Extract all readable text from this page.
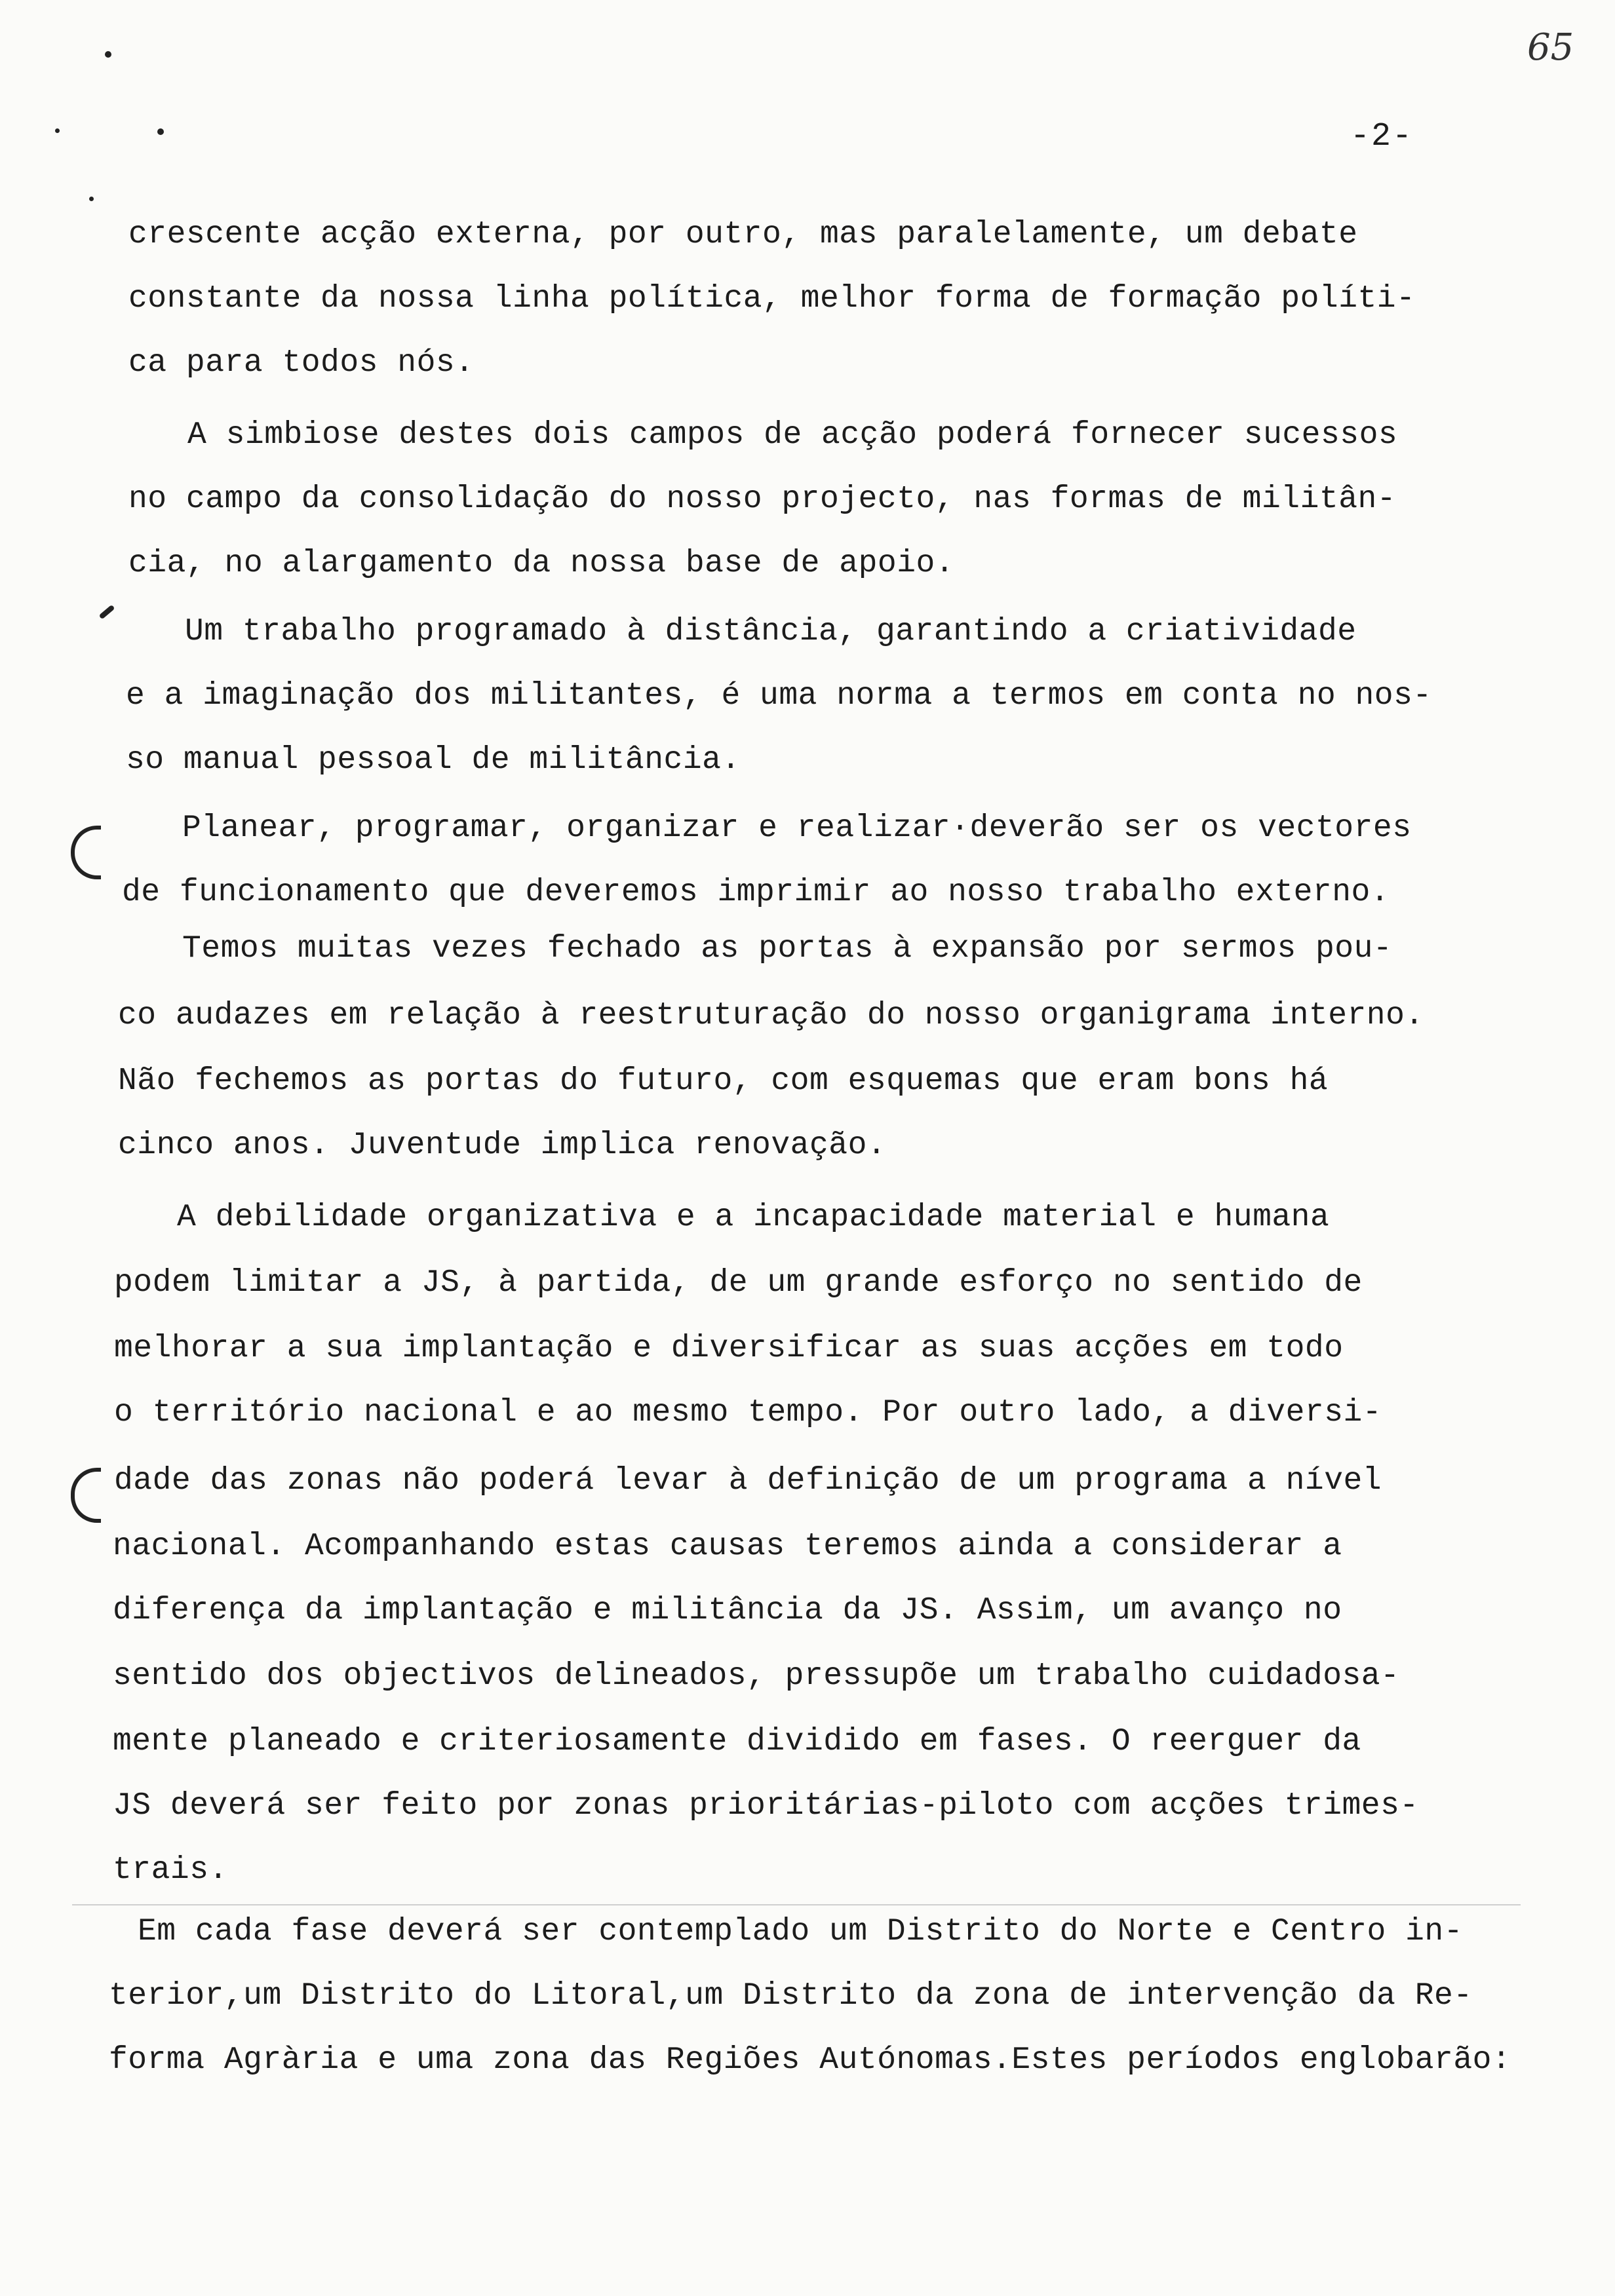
65
-2-
crescente acção externa, por outro, mas paralelamente, um debate
constante da nossa linha política, melhor forma de formação políti-
ca para todos nós.
A simbiose destes dois campos de acção poderá fornecer sucessos
no campo da consolidação do nosso projecto, nas formas de militân-
cia, no alargamento da nossa base de apoio.
Um trabalho programado à distância, garantindo a criatividade
e a imaginação dos militantes, é uma norma a termos em conta no nos-
so manual pessoal de militância.
Planear, programar, organizar e realizar·deverão ser os vectores
de funcionamento que deveremos imprimir ao nosso trabalho externo.
Temos muitas vezes fechado as portas à expansão por sermos pou-
co audazes em relação à reestruturação do nosso organigrama interno.
Não fechemos as portas do futuro, com esquemas que eram bons há
cinco anos. Juventude implica renovação.
A debilidade organizativa e a incapacidade material e humana
podem limitar a JS, à partida, de um grande esforço no sentido de
melhorar a sua implantação e diversificar as suas acções em todo
o território nacional e ao mesmo tempo. Por outro lado, a diversi-
dade das zonas não poderá levar à definição de um programa a nível
nacional. Acompanhando estas causas teremos ainda a considerar a
diferença da implantação e militância da JS. Assim, um avanço no
sentido dos objectivos delineados, pressupõe um trabalho cuidadosa-
mente planeado e criteriosamente dividido em fases. O reerguer da
JS deverá ser feito por zonas prioritárias-piloto com acções trimes-
trais.
Em cada fase deverá ser contemplado um Distrito do Norte e Centro in-
terior,um Distrito do Litoral,um Distrito da zona de intervenção da Re-
forma Agrària e uma zona das Regiões Autónomas.Estes períodos englobarão:
